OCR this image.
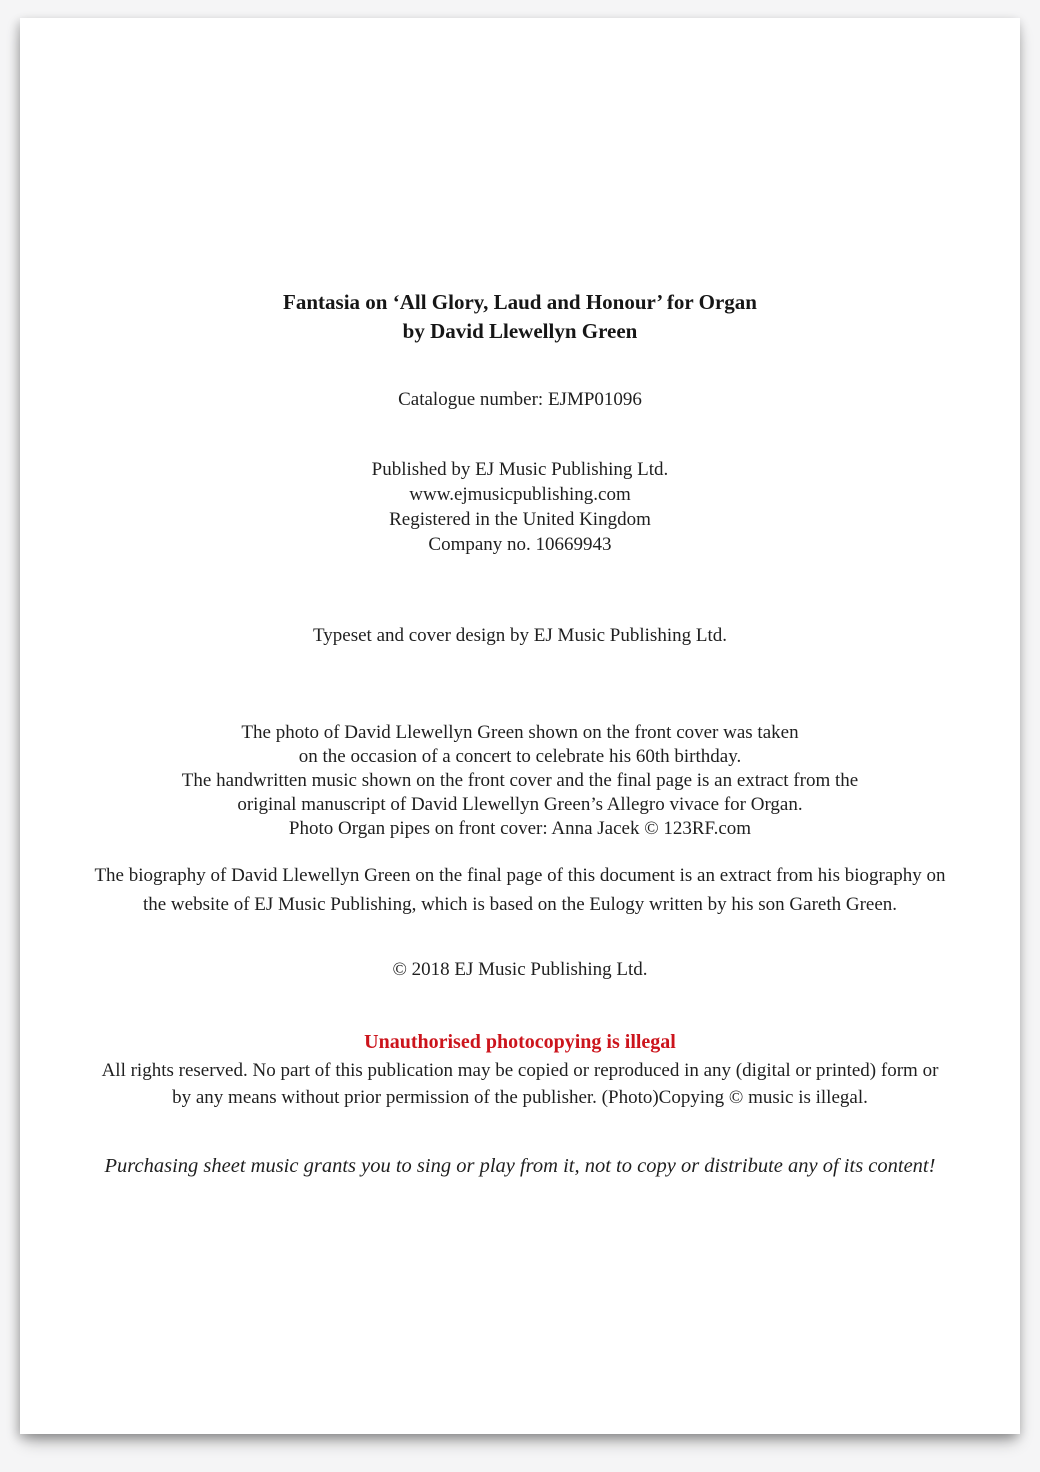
Fantasia on ‘All Glory, Laud and Honour’ for Organ
by David Llewellyn Green
Catalogue number: EJMP01096
Published by EJ Music Publishing Ltd.
www.ejmusicpublishing.com
Registered in the United Kingdom
Company no. 10669943
Typeset and cover design by EJ Music Publishing Ltd.
The photo of David Llewellyn Green shown on the front cover was taken
on the occasion of a concert to celebrate his 60th birthday.
The handwritten music shown on the front cover and the final page is an extract from the
original manuscript of David Llewellyn Green’s Allegro vivace for Organ.
Photo Organ pipes on front cover: Anna Jacek © 123RF.com
The biography of David Llewellyn Green on the final page of this document is an extract from his biography on
the website of EJ Music Publishing, which is based on the Eulogy written by his son Gareth Green.
© 2018 EJ Music Publishing Ltd.
Unauthorised photocopying is illegal
All rights reserved. No part of this publication may be copied or reproduced in any (digital or printed) form or
by any means without prior permission of the publisher. (Photo)Copying © music is illegal.
Purchasing sheet music grants you to sing or play from it, not to copy or distribute any of its content!
